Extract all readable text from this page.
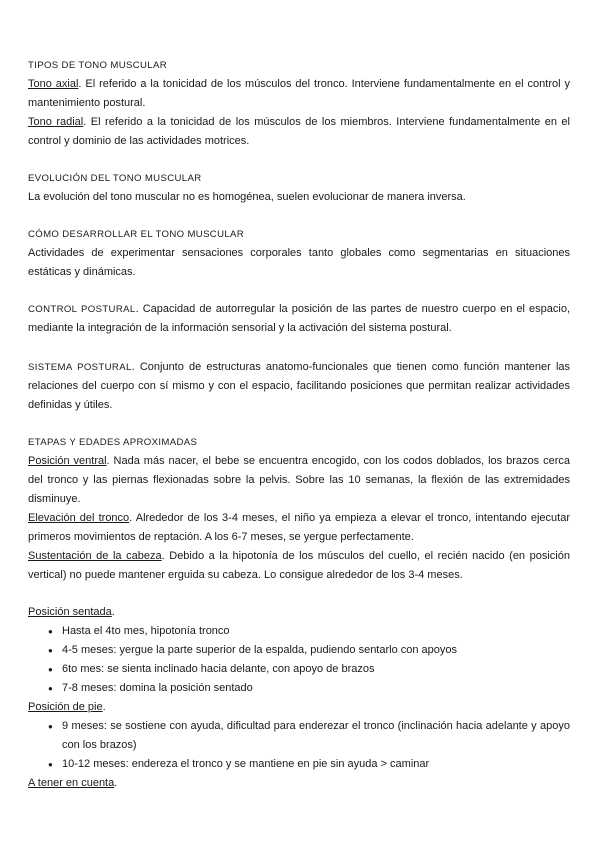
TIPOS DE TONO MUSCULAR

Tono axial. El referido a la tonicidad de los músculos del tronco. Interviene fundamentalmente en el control y mantenimiento postural.

Tono radial. El referido a la tonicidad de los músculos de los miembros. Interviene fundamentalmente en el control y dominio de las actividades motrices.

EVOLUCIÓN DEL TONO MUSCULAR

La evolución del tono muscular no es homogénea, suelen evolucionar de manera inversa.

CÓMO DESARROLLAR EL TONO MUSCULAR

Actividades de experimentar sensaciones corporales tanto globales como segmentarias en situaciones estáticas y dinámicas.

CONTROL POSTURAL. Capacidad de autorregular la posición de las partes de nuestro cuerpo en el espacio, mediante la integración de la información sensorial y la activación del sistema postural.

SISTEMA POSTURAL. Conjunto de estructuras anatomo-funcionales que tienen como función mantener las relaciones del cuerpo con sí mismo y con el espacio, facilitando posiciones que permitan realizar actividades definidas y útiles.

ETAPAS Y EDADES APROXIMADAS

Posición ventral. Nada más nacer, el bebe se encuentra encogido, con los codos doblados, los brazos cerca del tronco y las piernas flexionadas sobre la pelvis. Sobre las 10 semanas, la flexión de las extremidades disminuye.

Elevación del tronco. Alrededor de los 3-4 meses, el niño ya empieza a elevar el tronco, intentando ejecutar primeros movimientos de reptación. A los 6-7 meses, se yergue perfectamente.

Sustentación de la cabeza. Debido a la hipotonía de los músculos del cuello, el recién nacido (en posición vertical) no puede mantener erguida su cabeza. Lo consigue alrededor de los 3-4 meses.

Posición sentada.

● Hasta el 4to mes, hipotonía tronco
● 4-5 meses: yergue la parte superior de la espalda, pudiendo sentarlo con apoyos
● 6to mes: se sienta inclinado hacia delante, con apoyo de brazos
● 7-8 meses: domina la posición sentado

Posición de pie.

● 9 meses: se sostiene con ayuda, dificultad para enderezar el tronco (inclinación hacia adelante y apoyo con los brazos)
● 10-12 meses: endereza el tronco y se mantiene en pie sin ayuda > caminar

A tener en cuenta.
